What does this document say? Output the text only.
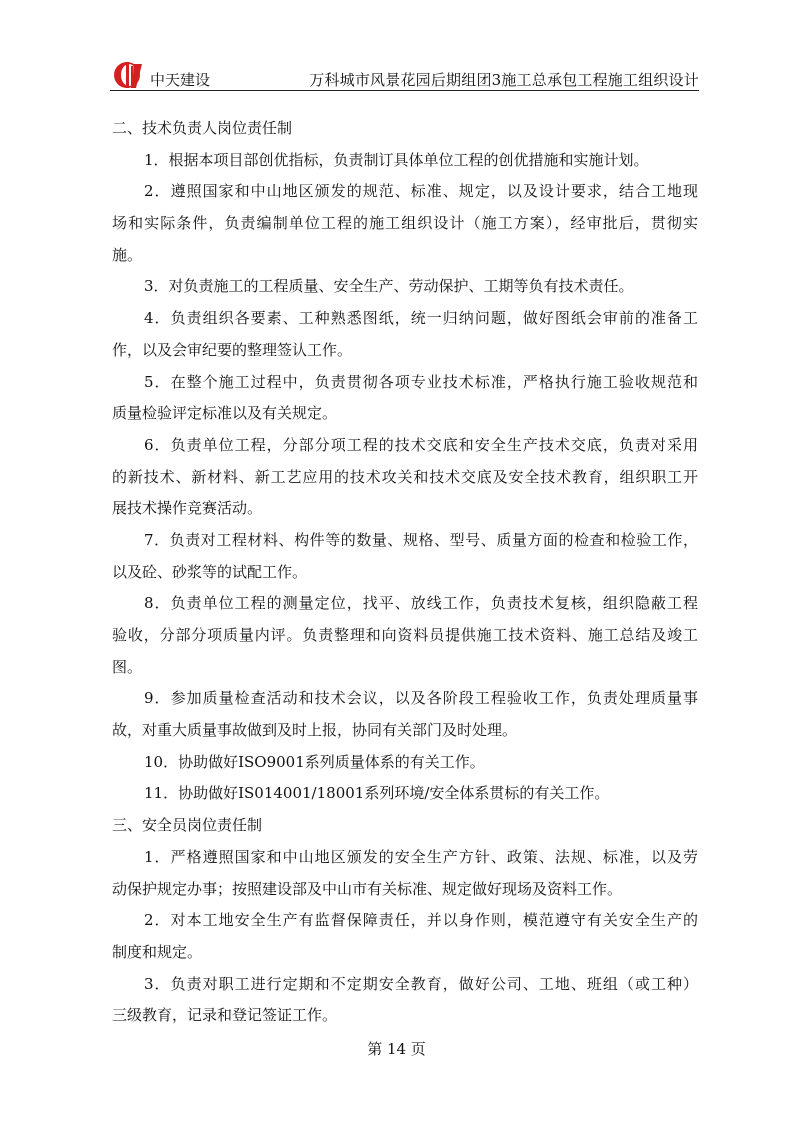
中天建设	万科城市风景花园后期组团3施工总承包工程施工组织设计
二、技术负责人岗位责任制
1．根据本项目部创优指标，负责制订具体单位工程的创优措施和实施计划。
2．遵照国家和中山地区颁发的规范、标准、规定，以及设计要求，结合工地现
场和实际条件，负责编制单位工程的施工组织设计（施工方案），经审批后，贯彻实
施。
3．对负责施工的工程质量、安全生产、劳动保护、工期等负有技术责任。
4．负责组织各要素、工种熟悉图纸，统一归纳问题，做好图纸会审前的准备工
作，以及会审纪要的整理签认工作。
5．在整个施工过程中，负责贯彻各项专业技术标准，严格执行施工验收规范和
质量检验评定标准以及有关规定。
6．负责单位工程，分部分项工程的技术交底和安全生产技术交底，负责对采用
的新技术、新材料、新工艺应用的技术攻关和技术交底及安全技术教育，组织职工开
展技术操作竞赛活动。
7．负责对工程材料、构件等的数量、规格、型号、质量方面的检查和检验工作，
以及砼、砂浆等的试配工作。
8．负责单位工程的测量定位，找平、放线工作，负责技术复核，组织隐蔽工程
验收，分部分项质量内评。负责整理和向资料员提供施工技术资料、施工总结及竣工
图。
9．参加质量检查活动和技术会议，以及各阶段工程验收工作，负责处理质量事
故，对重大质量事故做到及时上报，协同有关部门及时处理。
10．协助做好ISO9001系列质量体系的有关工作。
11．协助做好IS014001/18001系列环境/安全体系贯标的有关工作。
三、安全员岗位责任制
1．严格遵照国家和中山地区颁发的安全生产方针、政策、法规、标准，以及劳
动保护规定办事；按照建设部及中山市有关标准、规定做好现场及资料工作。
2．对本工地安全生产有监督保障责任，并以身作则，模范遵守有关安全生产的
制度和规定。
3．负责对职工进行定期和不定期安全教育，做好公司、工地、班组（或工种）
三级教育，记录和登记签证工作。
第 14 页
